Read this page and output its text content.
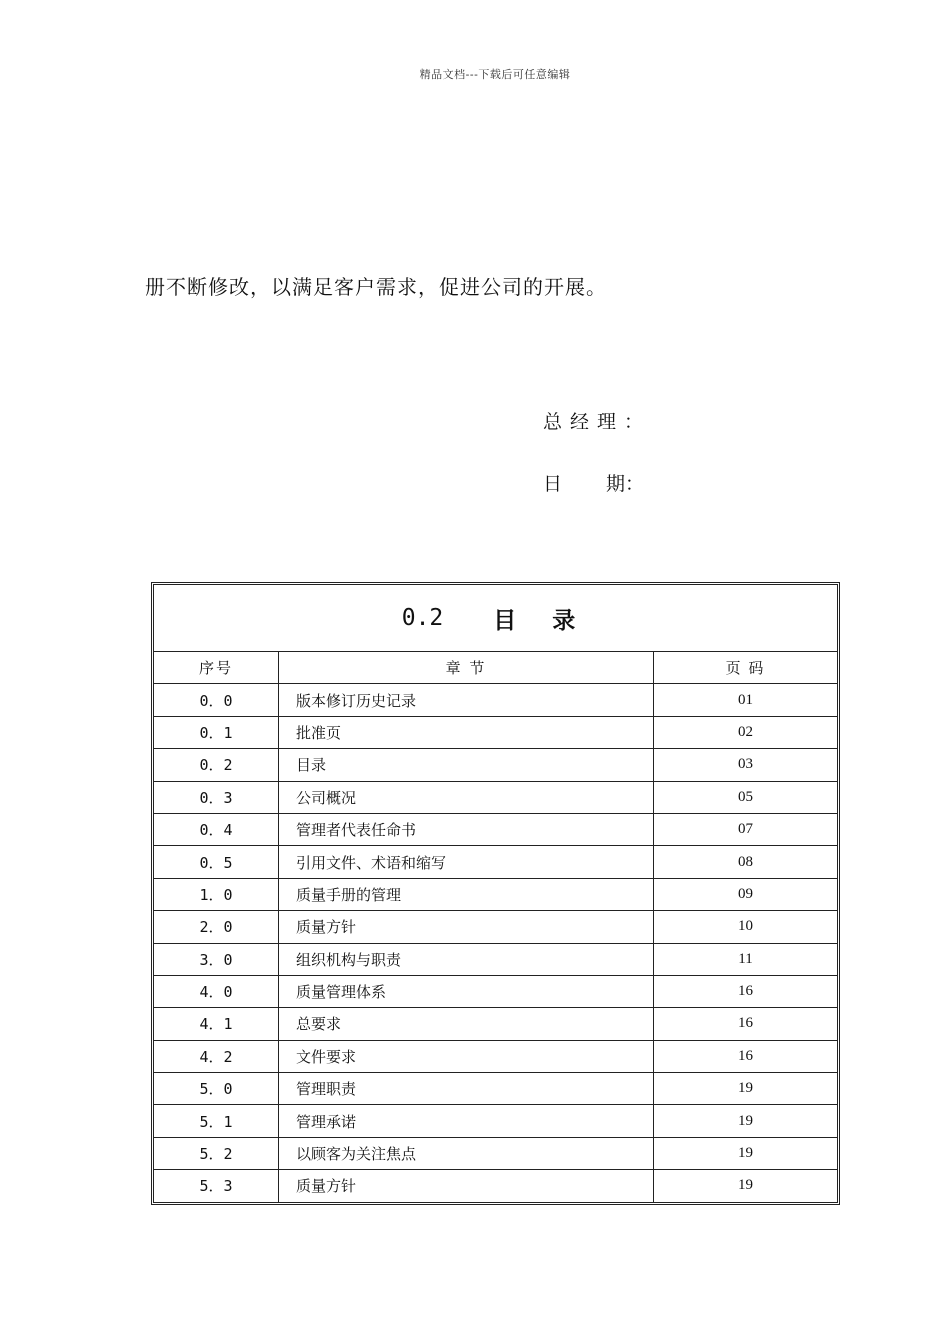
精品文档---下载后可任意编辑
册不断修改，以满足客户需求，促进公司的开展。
总经理：
日 期：
0.2 目 录
序号	章 节	页 码
0．0	版本修订历史记录	01
0．1	批准页	02
0．2	目录	03
0．3	公司概况	05
0．4	管理者代表任命书	07
0．5	引用文件、术语和缩写	08
1．0	质量手册的管理	09
2．0	质量方针	10
3．0	组织机构与职责	11
4．0	质量管理体系	16
4．1	总要求	16
4．2	文件要求	16
5．0	管理职责	19
5．1	管理承诺	19
5．2	以顾客为关注焦点	19
5．3	质量方针	19
